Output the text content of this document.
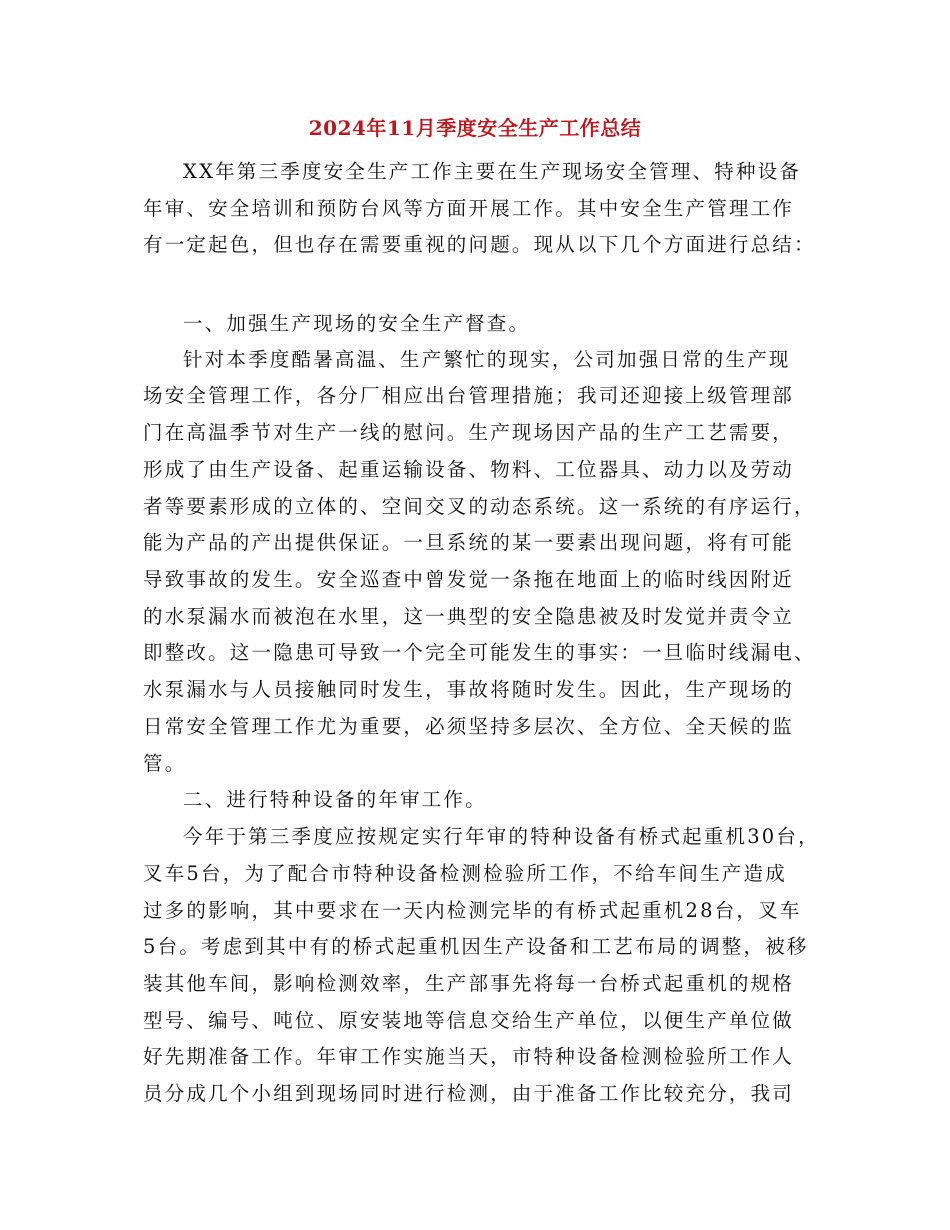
2024年11月季度安全生产工作总结
XX年第三季度安全生产工作主要在生产现场安全管理、特种设备
年审、安全培训和预防台风等方面开展工作。其中安全生产管理工作
有一定起色，但也存在需要重视的问题。现从以下几个方面进行总结：
一、加强生产现场的安全生产督查。
针对本季度酷暑高温、生产繁忙的现实，公司加强日常的生产现
场安全管理工作，各分厂相应出台管理措施；我司还迎接上级管理部
门在高温季节对生产一线的慰问。生产现场因产品的生产工艺需要，
形成了由生产设备、起重运输设备、物料、工位器具、动力以及劳动
者等要素形成的立体的、空间交叉的动态系统。这一系统的有序运行，
能为产品的产出提供保证。一旦系统的某一要素出现问题，将有可能
导致事故的发生。安全巡查中曾发觉一条拖在地面上的临时线因附近
的水泵漏水而被泡在水里，这一典型的安全隐患被及时发觉并责令立
即整改。这一隐患可导致一个完全可能发生的事实：一旦临时线漏电、
水泵漏水与人员接触同时发生，事故将随时发生。因此，生产现场的
日常安全管理工作尤为重要，必须坚持多层次、全方位、全天候的监
管。
二、进行特种设备的年审工作。
今年于第三季度应按规定实行年审的特种设备有桥式起重机30台，
叉车5台，为了配合市特种设备检测检验所工作，不给车间生产造成
过多的影响，其中要求在一天内检测完毕的有桥式起重机28台，叉车
5台。考虑到其中有的桥式起重机因生产设备和工艺布局的调整，被移
装其他车间，影响检测效率，生产部事先将每一台桥式起重机的规格
型号、编号、吨位、原安装地等信息交给生产单位，以便生产单位做
好先期准备工作。年审工作实施当天，市特种设备检测检验所工作人
员分成几个小组到现场同时进行检测，由于准备工作比较充分，我司
